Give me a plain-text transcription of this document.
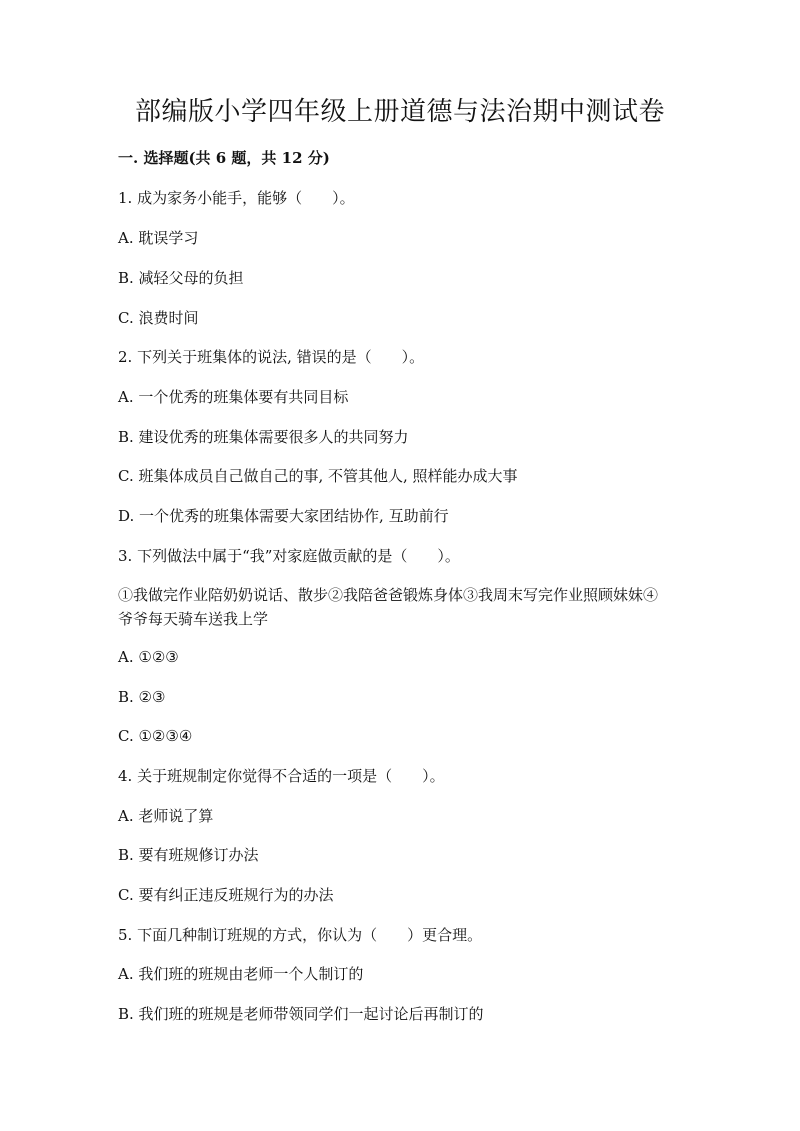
部编版小学四年级上册道德与法治期中测试卷
一. 选择题(共 6 题，共 12 分)
1. 成为家务小能手，能够（　　）。
A. 耽误学习
B. 减轻父母的负担
C. 浪费时间
2. 下列关于班集体的说法, 错误的是（　　）。
A. 一个优秀的班集体要有共同目标
B. 建设优秀的班集体需要很多人的共同努力
C. 班集体成员自己做自己的事, 不管其他人, 照样能办成大事
D. 一个优秀的班集体需要大家团结协作, 互助前行
3. 下列做法中属于“我”对家庭做贡献的是（　　）。
①我做完作业陪奶奶说话、散步②我陪爸爸锻炼身体③我周末写完作业照顾妹妹④爷爷每天骑车送我上学
A. ①②③
B. ②③
C. ①②③④
4. 关于班规制定你觉得不合适的一项是（　　）。
A. 老师说了算
B. 要有班规修订办法
C. 要有纠正违反班规行为的办法
5. 下面几种制订班规的方式，你认为（　　）更合理。
A. 我们班的班规由老师一个人制订的
B. 我们班的班规是老师带领同学们一起讨论后再制订的
